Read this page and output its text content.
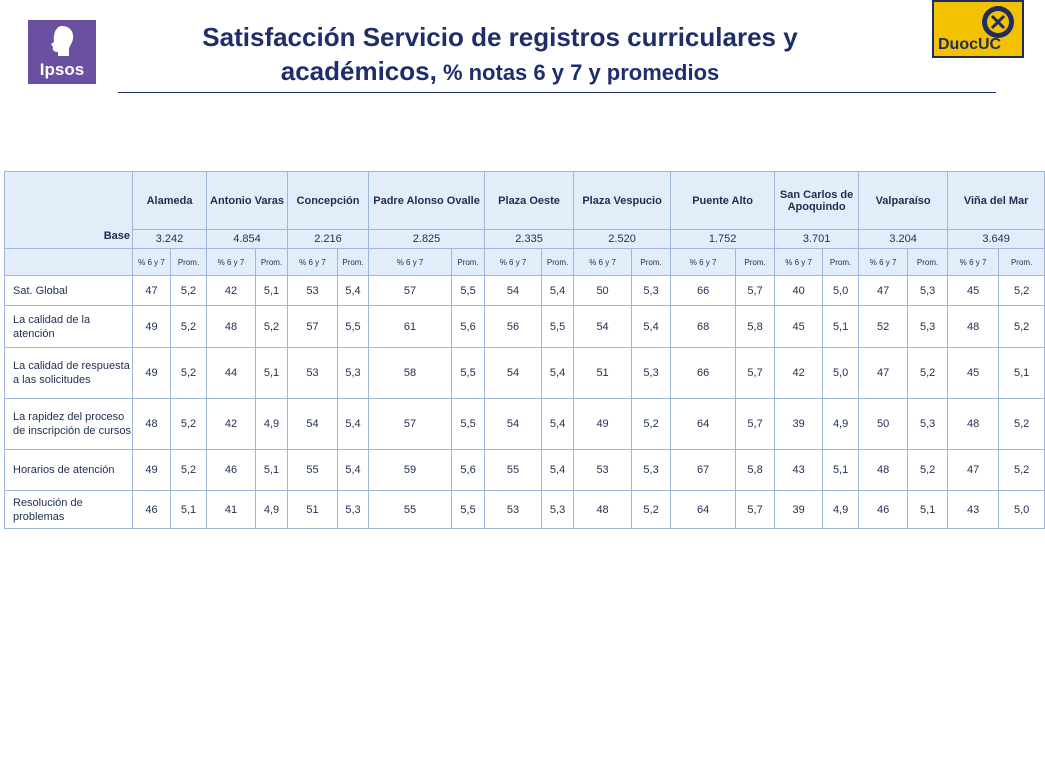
Ipsos
DuocUC
Satisfacción Servicio de registros curriculares y
académicos, % notas 6 y 7 y promedios
Base	Alameda		Antonio Varas		Concepción		Padre Alonso Ovalle		Plaza Oeste		Plaza Vespucio		Puente Alto		San Carlos de Apoquindo		Valparaíso		Viña del Mar	
	3.242		4.854		2.216		2.825		2.335		2.520		1.752		3.701		3.204		3.649	
	% 6 y 7	Prom.	% 6 y 7	Prom.	% 6 y 7	Prom.	% 6 y 7	Prom.	% 6 y 7	Prom.	% 6 y 7	Prom.	% 6 y 7	Prom.	% 6 y 7	Prom.	% 6 y 7	Prom.	% 6 y 7	Prom.
Sat. Global	47	5,2	42	5,1	53	5,4	57	5,5	54	5,4	50	5,3	66	5,7	40	5,0	47	5,3	45	5,2
La calidad de la atención	49	5,2	48	5,2	57	5,5	61	5,6	56	5,5	54	5,4	68	5,8	45	5,1	52	5,3	48	5,2
La calidad de respuesta a las solicitudes	49	5,2	44	5,1	53	5,3	58	5,5	54	5,4	51	5,3	66	5,7	42	5,0	47	5,2	45	5,1
La rapidez del proceso de inscripción de cursos	48	5,2	42	4,9	54	5,4	57	5,5	54	5,4	49	5,2	64	5,7	39	4,9	50	5,3	48	5,2
Horarios de atención	49	5,2	46	5,1	55	5,4	59	5,6	55	5,4	53	5,3	67	5,8	43	5,1	48	5,2	47	5,2
Resolución de problemas	46	5,1	41	4,9	51	5,3	55	5,5	53	5,3	48	5,2	64	5,7	39	4,9	46	5,1	43	5,0
